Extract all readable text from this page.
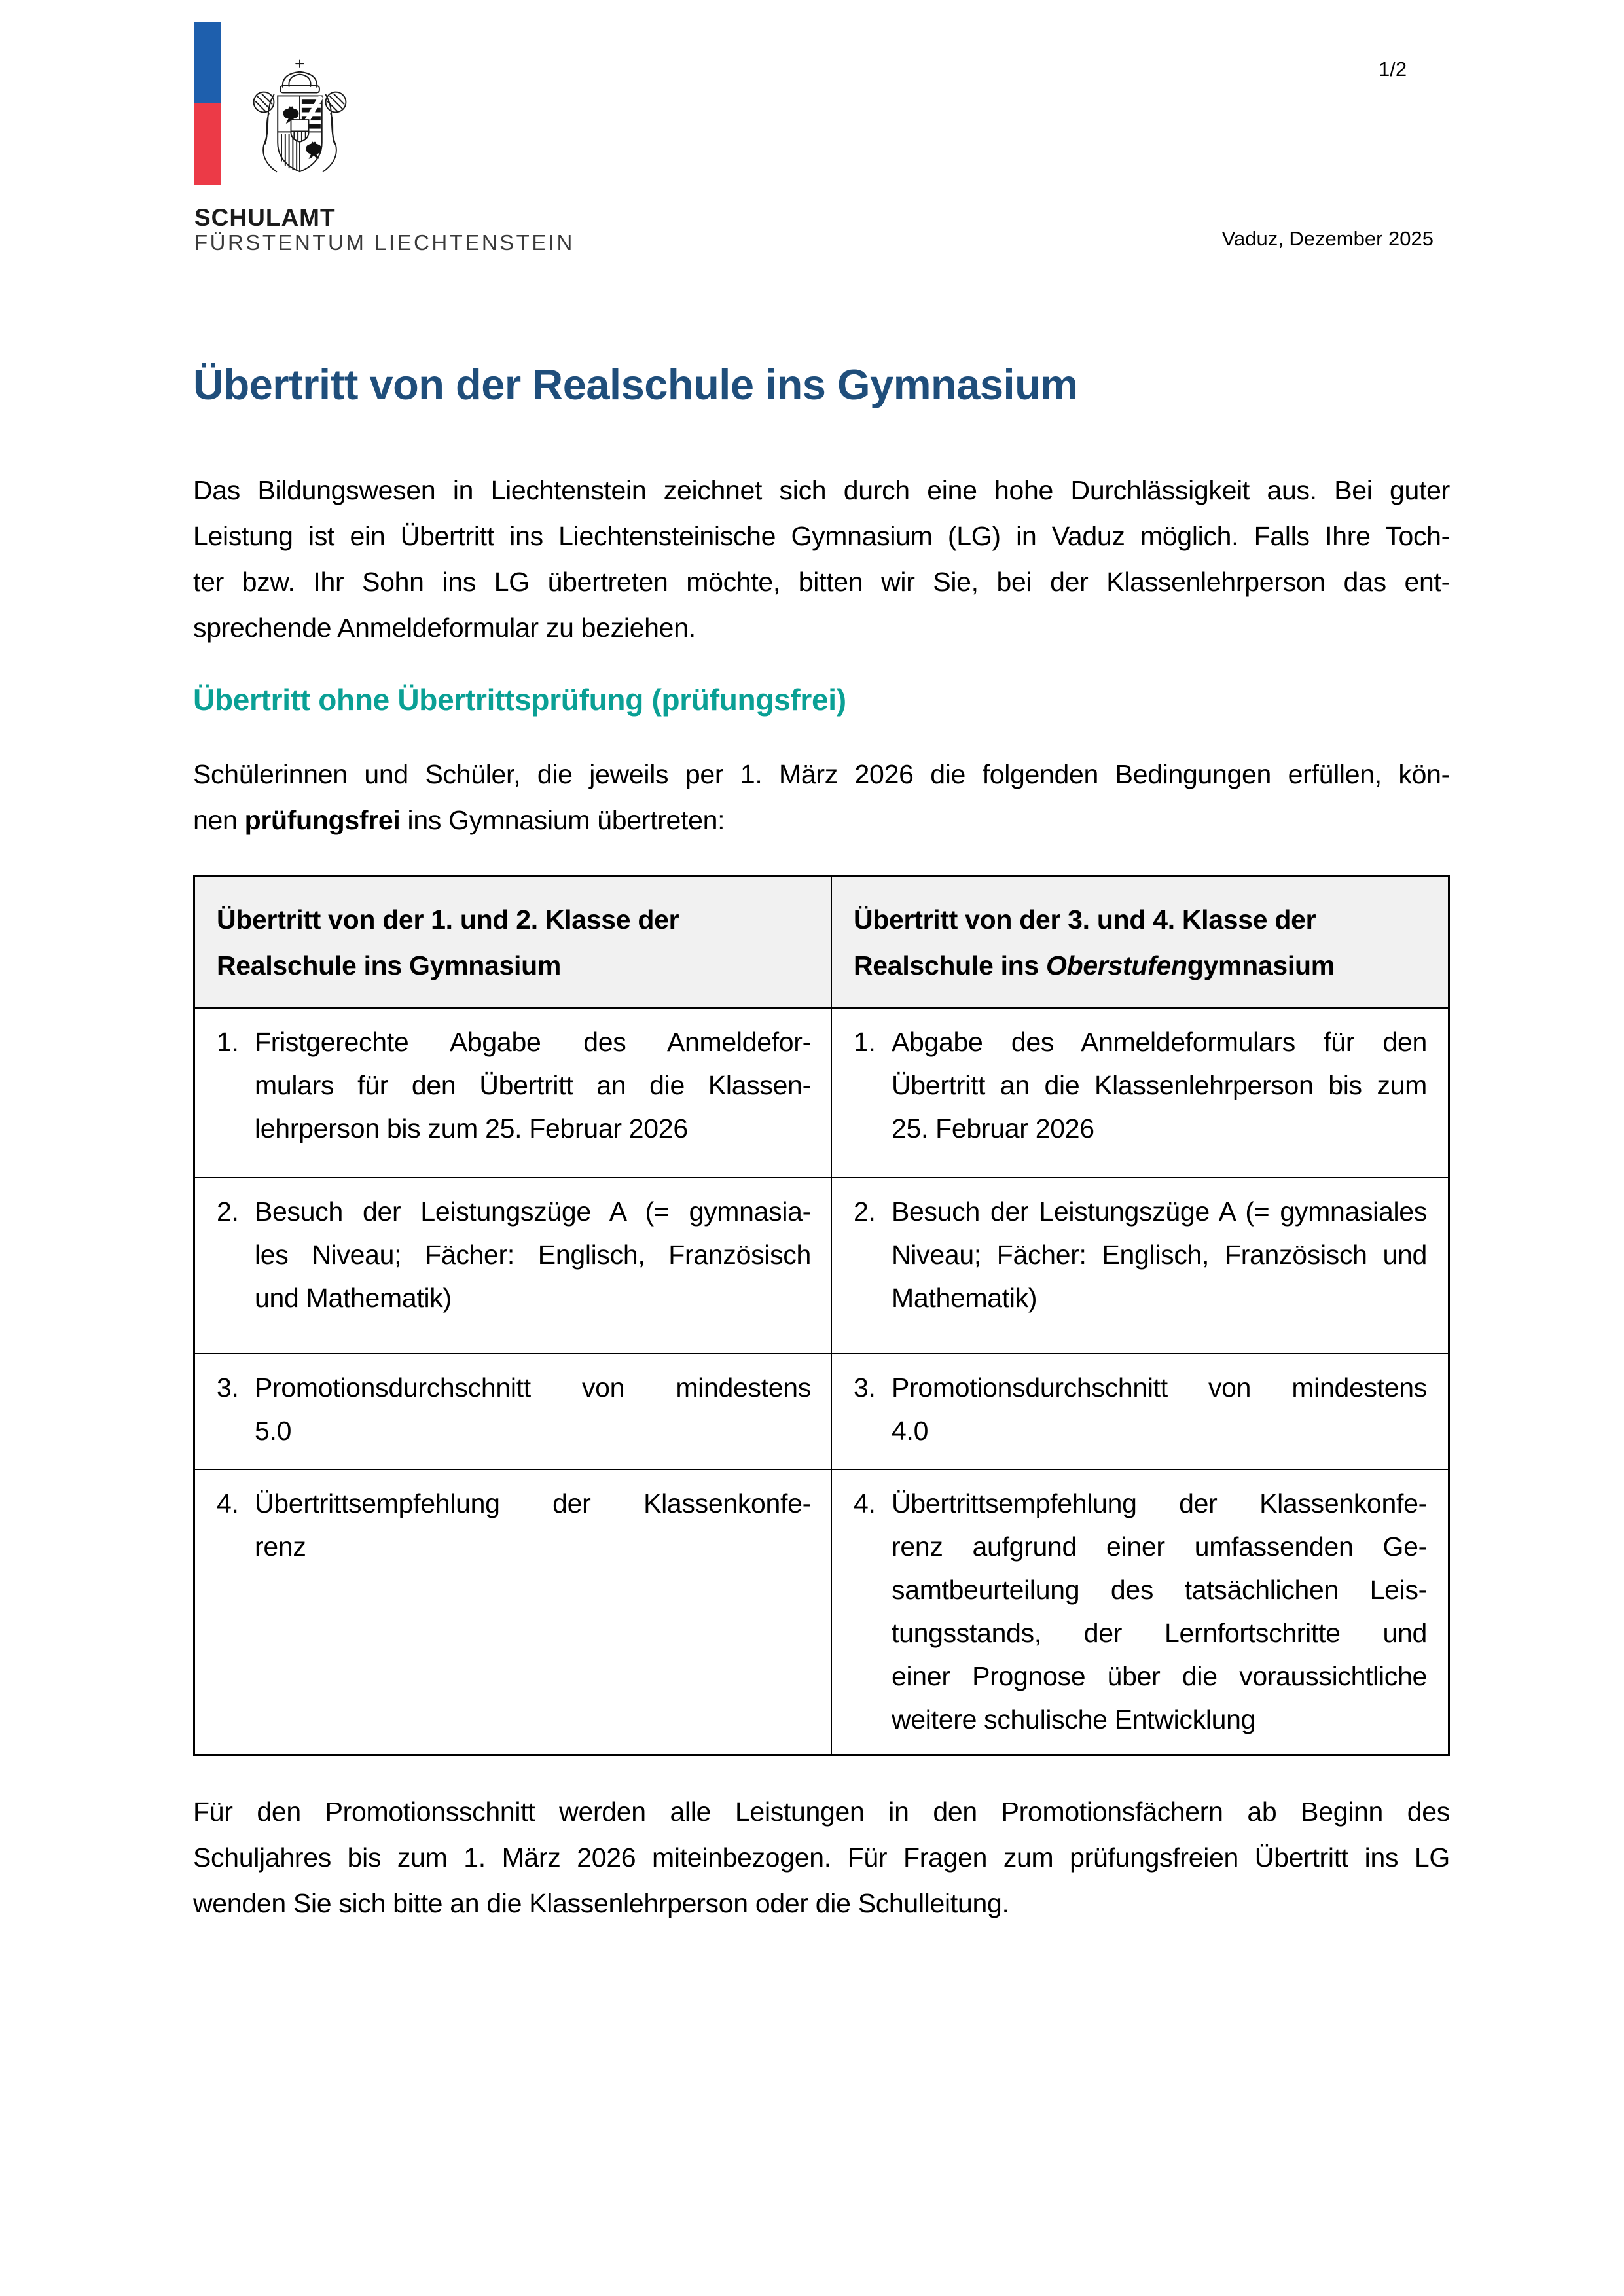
SCHULAMT
FÜRSTENTUM LIECHTENSTEIN
1/2
Vaduz, Dezember 2025
Übertritt von der Realschule ins Gymnasium
Das Bildungswesen in Liechtenstein zeichnet sich durch eine hohe Durchlässigkeit aus. Bei guter
Leistung ist ein Übertritt ins Liechtensteinische Gymnasium (LG) in Vaduz möglich. Falls Ihre Toch-
ter bzw. Ihr Sohn ins LG übertreten möchte, bitten wir Sie, bei der Klassenlehrperson das ent-
sprechende Anmeldeformular zu beziehen.
Übertritt ohne Übertrittsprüfung (prüfungsfrei)
Schülerinnen und Schüler, die jeweils per 1. März 2026 die folgenden Bedingungen erfüllen, kön-
nen prüfungsfrei ins Gymnasium übertreten:
Übertritt von der 1. und 2. Klasse der
Realschule ins Gymnasium
Übertritt von der 3. und 4. Klasse der
Realschule ins Oberstufengymnasium
1. Fristgerechte Abgabe des Anmeldefor-
mulars für den Übertritt an die Klassen-
lehrperson bis zum 25. Februar 2026
1. Abgabe des Anmeldeformulars für den
Übertritt an die Klassenlehrperson bis zum
25. Februar 2026
2. Besuch der Leistungszüge A (= gymnasia-
les Niveau; Fächer: Englisch, Französisch
und Mathematik)
2. Besuch der Leistungszüge A (= gymnasiales
Niveau; Fächer: Englisch, Französisch und
Mathematik)
3. Promotionsdurchschnitt von mindestens
5.0
3. Promotionsdurchschnitt von mindestens
4.0
4. Übertrittsempfehlung der Klassenkonfe-
renz
4. Übertrittsempfehlung der Klassenkonfe-
renz aufgrund einer umfassenden Ge-
samtbeurteilung des tatsächlichen Leis-
tungsstands, der Lernfortschritte und
einer Prognose über die voraussichtliche
weitere schulische Entwicklung
Für den Promotionsschnitt werden alle Leistungen in den Promotionsfächern ab Beginn des
Schuljahres bis zum 1. März 2026 miteinbezogen. Für Fragen zum prüfungsfreien Übertritt ins LG
wenden Sie sich bitte an die Klassenlehrperson oder die Schulleitung.
